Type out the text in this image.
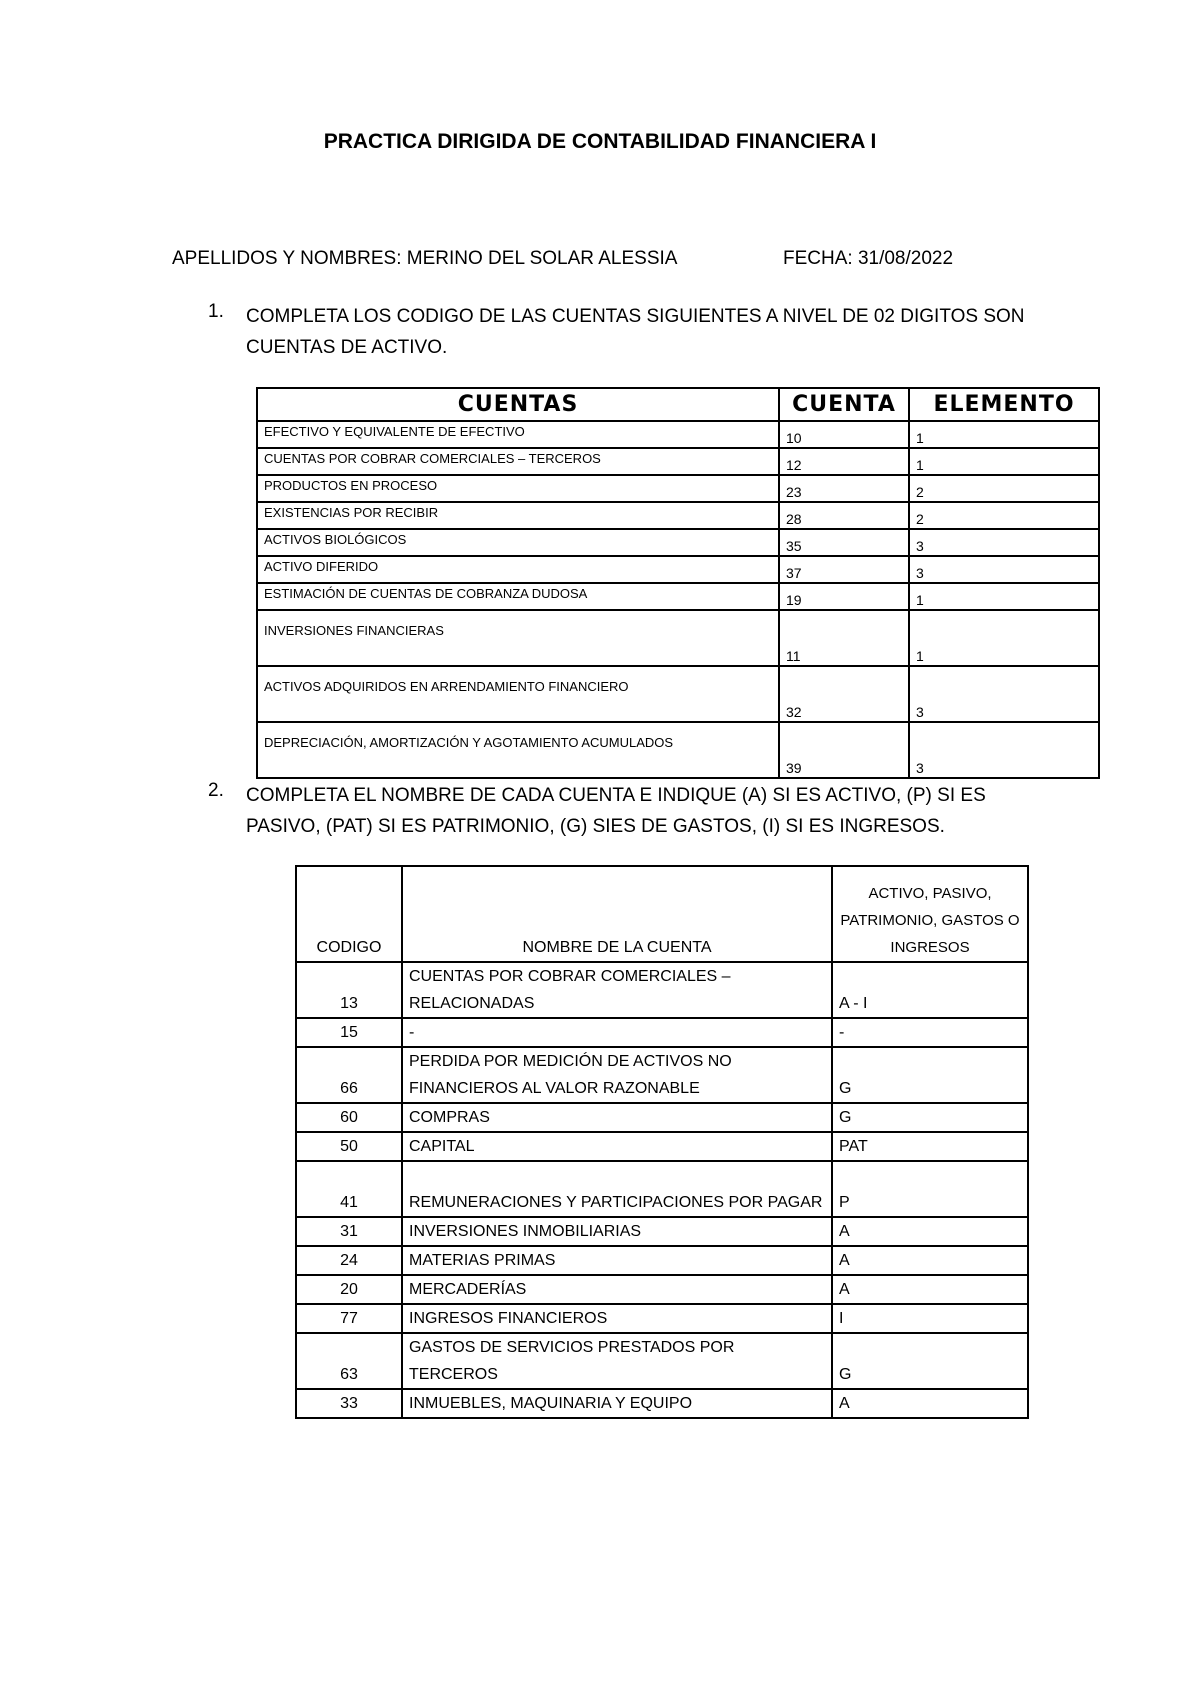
PRACTICA DIRIGIDA DE CONTABILIDAD FINANCIERA I
APELLIDOS Y NOMBRES: MERINO DEL SOLAR ALESSIA	FECHA: 31/08/2022
1. COMPLETA LOS CODIGO DE LAS CUENTAS SIGUIENTES A NIVEL DE 02 DIGITOS SON CUENTAS DE ACTIVO.
CUENTAS	CUENTA	ELEMENTO
EFECTIVO Y EQUIVALENTE DE EFECTIVO	10	1
CUENTAS POR COBRAR COMERCIALES – TERCEROS	12	1
PRODUCTOS EN PROCESO	23	2
EXISTENCIAS POR RECIBIR	28	2
ACTIVOS BIOLÓGICOS	35	3
ACTIVO DIFERIDO	37	3
ESTIMACIÓN DE CUENTAS DE COBRANZA DUDOSA	19	1
INVERSIONES FINANCIERAS	11	1
ACTIVOS ADQUIRIDOS EN ARRENDAMIENTO FINANCIERO	32	3
DEPRECIACIÓN, AMORTIZACIÓN Y AGOTAMIENTO ACUMULADOS	39	3
2. COMPLETA EL NOMBRE DE CADA CUENTA E INDIQUE (A) SI ES ACTIVO, (P) SI ES PASIVO, (PAT) SI ES PATRIMONIO, (G) SIES DE GASTOS, (I) SI ES INGRESOS.
CODIGO	NOMBRE DE LA CUENTA	ACTIVO, PASIVO, PATRIMONIO, GASTOS O INGRESOS
13	CUENTAS POR COBRAR COMERCIALES – RELACIONADAS	A - I
15	-	-
66	PERDIDA POR MEDICIÓN DE ACTIVOS NO FINANCIEROS AL VALOR RAZONABLE	G
60	COMPRAS	G
50	CAPITAL	PAT
41	REMUNERACIONES Y PARTICIPACIONES POR PAGAR	P
31	INVERSIONES INMOBILIARIAS	A
24	MATERIAS PRIMAS	A
20	MERCADERÍAS	A
77	INGRESOS FINANCIEROS	I
63	GASTOS DE SERVICIOS PRESTADOS POR TERCEROS	G
33	INMUEBLES, MAQUINARIA Y EQUIPO	A
